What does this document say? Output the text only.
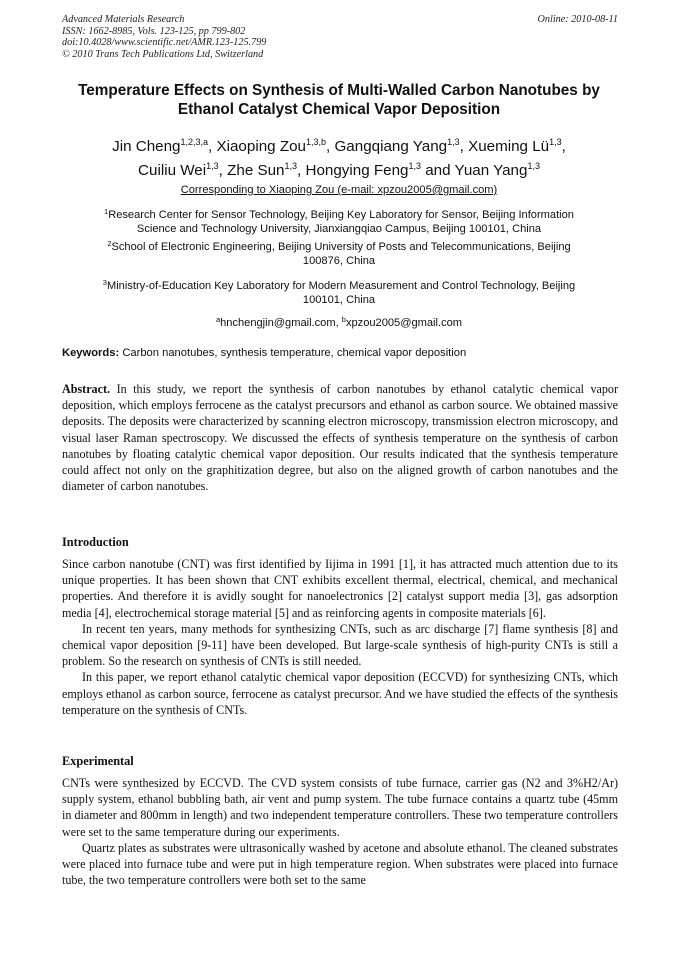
Advanced Materials Research
ISSN: 1662-8985, Vols. 123-125, pp 799-802
doi:10.4028/www.scientific.net/AMR.123-125.799
© 2010 Trans Tech Publications Ltd, Switzerland
Online: 2010-08-11
Temperature Effects on Synthesis of Multi-Walled Carbon Nanotubes by
Ethanol Catalyst Chemical Vapor Deposition
Jin Cheng$^{1,2,3,a}$, Xiaoping Zou$^{1,3,b}$, Gangqiang Yang$^{1,3}$, Xueming Lü$^{1,3}$,
Cuiliu Wei$^{1,3}$, Zhe Sun$^{1,3}$, Hongying Feng$^{1,3}$ and Yuan Yang$^{1,3}$
Corresponding to Xiaoping Zou (e-mail: xpzou2005@gmail.com)
$^1$Research Center for Sensor Technology, Beijing Key Laboratory for Sensor, Beijing Information
Science and Technology University, Jianxiangqiao Campus, Beijing 100101, China
$^2$School of Electronic Engineering, Beijing University of Posts and Telecommunications, Beijing
100876, China
$^3$Ministry-of-Education Key Laboratory for Modern Measurement and Control Technology, Beijing
100101, China
$^a$hnchengjin@gmail.com, $^b$xpzou2005@gmail.com
Keywords: Carbon nanotubes, synthesis temperature, chemical vapor deposition

Abstract. In this study, we report the synthesis of carbon nanotubes by ethanol catalytic chemical vapor deposition, which employs ferrocene as the catalyst precursors and ethanol as carbon source. We obtained massive deposits. The deposits were characterized by scanning electron microscopy, transmission electron microscopy, and visual laser Raman spectroscopy. We discussed the effects of synthesis temperature on the synthesis of carbon nanotubes by floating catalytic chemical vapor deposition. Our results indicated that the synthesis temperature could affect not only on the graphitization degree, but also on the aligned growth of carbon nanotubes and the diameter of carbon nanotubes.

Introduction

Since carbon nanotube (CNT) was first identified by Iijima in 1991 [1], it has attracted much attention due to its unique properties. It has been shown that CNT exhibits excellent thermal, electrical, chemical, and mechanical properties. And therefore it is avidly sought for nanoelectronics [2] catalyst support media [3], gas adsorption media [4], electrochemical storage material [5] and as reinforcing agents in composite materials [6].

In recent ten years, many methods for synthesizing CNTs, such as arc discharge [7] flame synthesis [8] and chemical vapor deposition [9-11] have been developed. But large-scale synthesis of high-purity CNTs is still a problem. So the research on synthesis of CNTs is still needed.

In this paper, we report ethanol catalytic chemical vapor deposition (ECCVD) for synthesizing CNTs, which employs ethanol as carbon source, ferrocene as catalyst precursor. And we have studied the effects of the synthesis temperature on the synthesis of CNTs.

Experimental

CNTs were synthesized by ECCVD. The CVD system consists of tube furnace, carrier gas (N2 and 3%H2/Ar) supply system, ethanol bubbling bath, air vent and pump system. The tube furnace contains a quartz tube (45mm in diameter and 800mm in length) and two independent temperature controllers. These two temperature controllers were set to the same temperature during our experiments.

Quartz plates as substrates were ultrasonically washed by acetone and absolute ethanol. The cleaned substrates were placed into furnace tube and were put in high temperature region. When substrates were placed into furnace tube, the two temperature controllers were both set to the same
